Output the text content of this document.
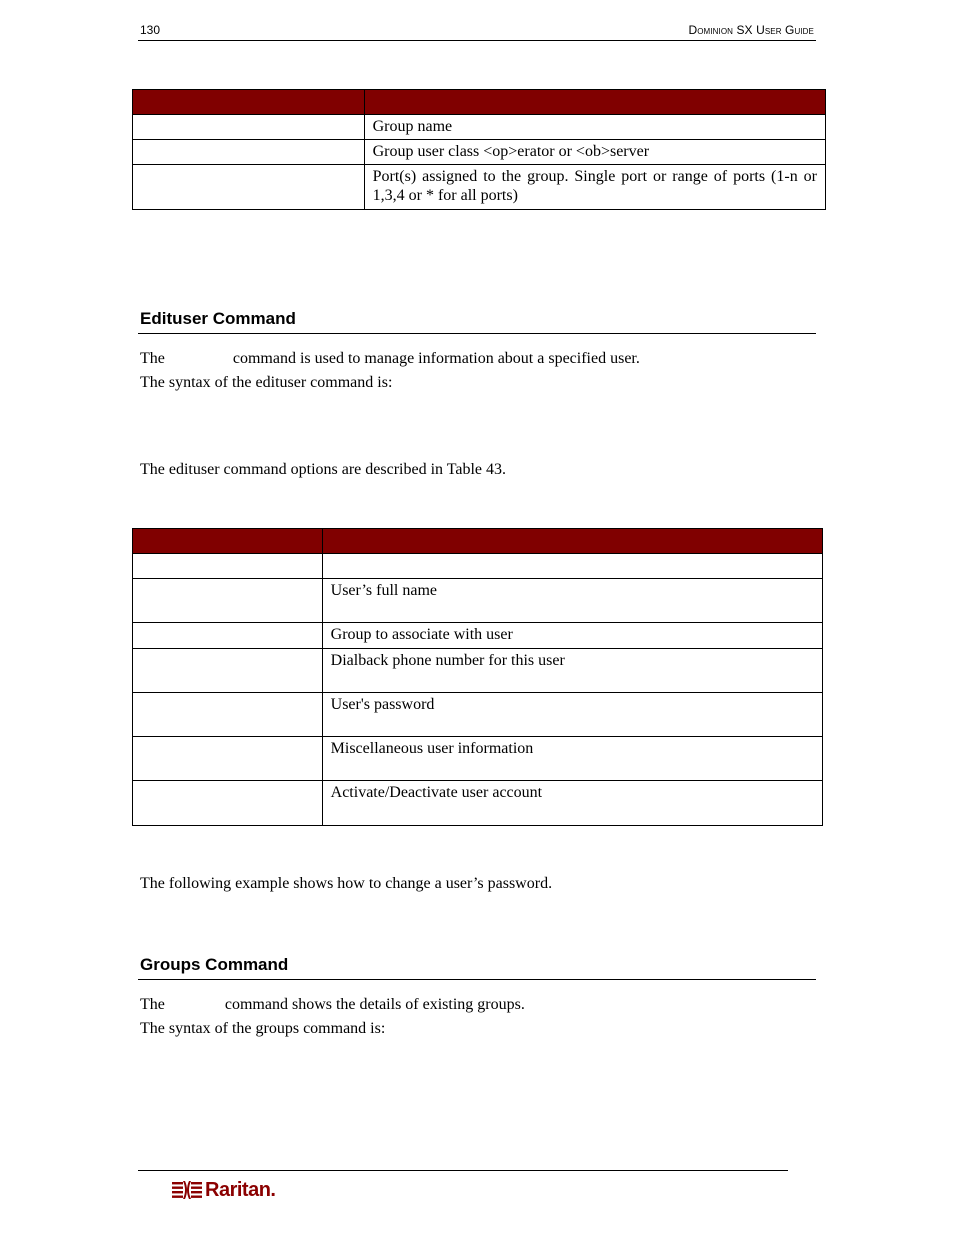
130	Dominion SX User Guide

	Group name
	Group user class <op>erator or <ob>server
	Port(s) assigned to the group. Single port or range of ports (1-n or 1,3,4 or * for all ports)
Edituser Command
The	command is used to manage information about a specified user.
The syntax of the edituser command is:
The edituser command options are described in Table 43.

	User’s full name
	Group to associate with user
	Dialback phone number for this user
	User's password
	Miscellaneous user information
	Activate/Deactivate user account
The following example shows how to change a user’s password.
Groups Command
The	command shows the details of existing groups.
The syntax of the groups command is:
Raritan.
